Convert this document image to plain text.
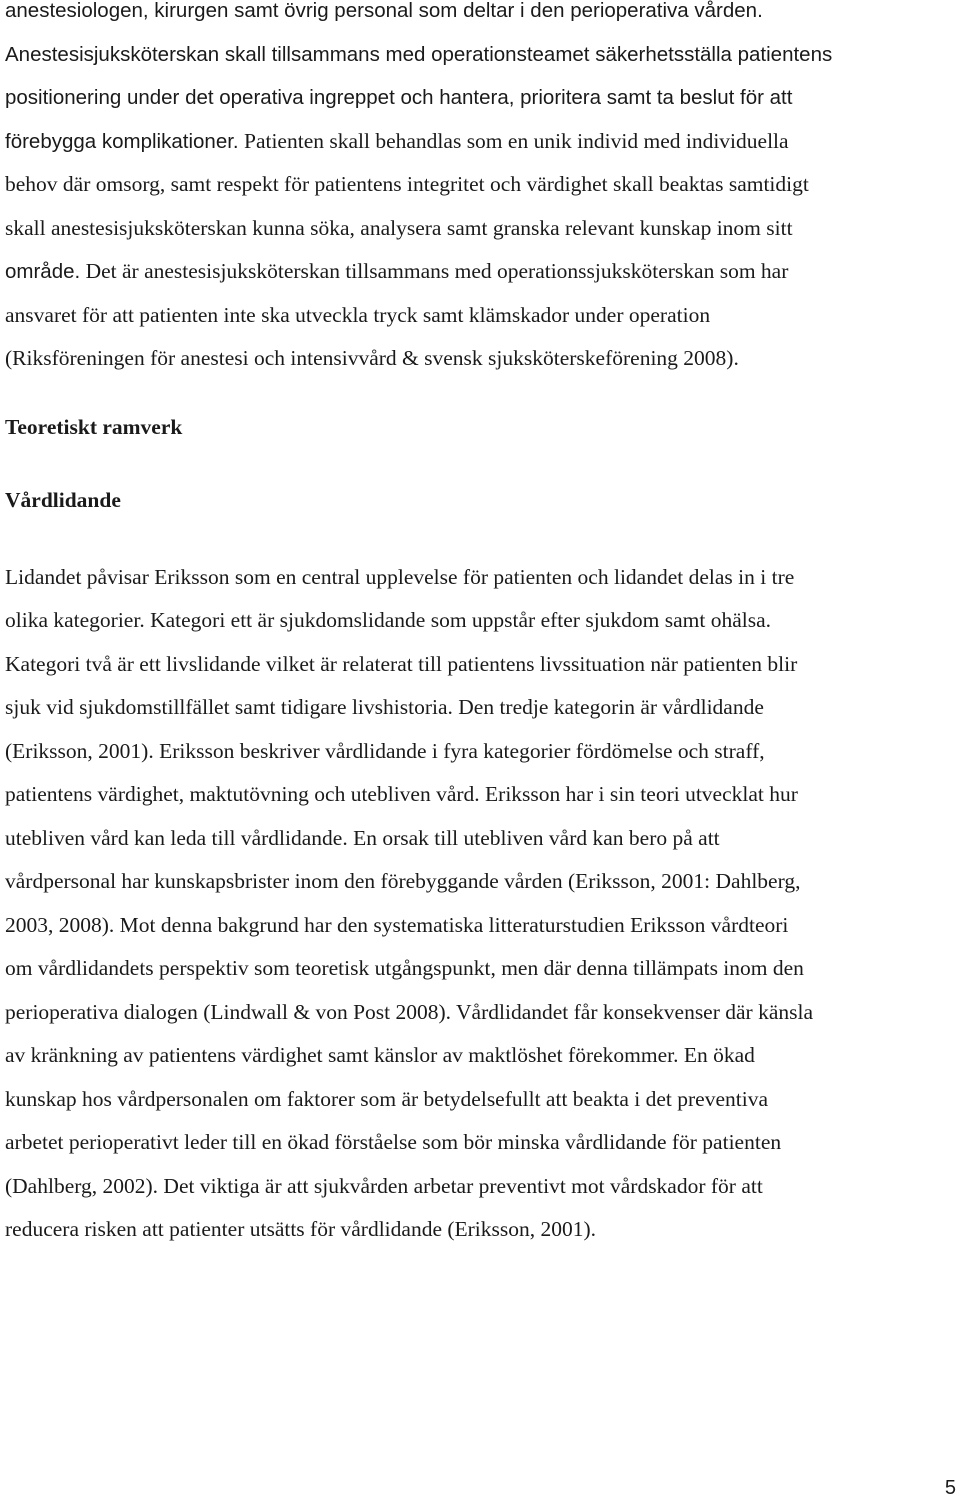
anestesiologen, kirurgen samt övrig personal som deltar i den perioperativa vården.

Anestesisjuksköterskan skall tillsammans med operationsteamet säkerhetsställa patientens

positionering under det operativa ingreppet och hantera, prioritera samt ta beslut för att

förebygga komplikationer. Patienten skall behandlas som en unik individ med individuella

behov där omsorg, samt respekt för patientens integritet och värdighet skall beaktas samtidigt

skall anestesisjuksköterskan kunna söka, analysera samt granska relevant kunskap inom sitt

område. Det är anestesisjuksköterskan tillsammans med operationssjuksköterskan som har

ansvaret för att patienten inte ska utveckla tryck samt klämskador under operation

(Riksföreningen för anestesi och intensivvård & svensk sjuksköterskeförening 2008).

Teoretiskt ramverk
Vårdlidande

Lidandet påvisar Eriksson som en central upplevelse för patienten och lidandet delas in i tre

olika kategorier. Kategori ett är sjukdomslidande som uppstår efter sjukdom samt ohälsa.

Kategori två är ett livslidande vilket är relaterat till patientens livssituation när patienten blir

sjuk vid sjukdomstillfället samt tidigare livshistoria. Den tredje kategorin är vårdlidande

(Eriksson, 2001). Eriksson beskriver vårdlidande i fyra kategorier fördömelse och straff,

patientens värdighet, maktutövning och utebliven vård. Eriksson har i sin teori utvecklat hur

utebliven vård kan leda till vårdlidande. En orsak till utebliven vård kan bero på att

vårdpersonal har kunskapsbrister inom den förebyggande vården (Eriksson, 2001: Dahlberg,

2003, 2008). Mot denna bakgrund har den systematiska litteraturstudien Eriksson vårdteori

om vårdlidandets perspektiv som teoretisk utgångspunkt, men där denna tillämpats inom den

perioperativa dialogen (Lindwall & von Post 2008). Vårdlidandet får konsekvenser där känsla

av kränkning av patientens värdighet samt känslor av maktlöshet förekommer. En ökad

kunskap hos vårdpersonalen om faktorer som är betydelsefullt att beakta i det preventiva

arbetet perioperativt leder till en ökad förståelse som bör minska vårdlidande för patienten

(Dahlberg, 2002). Det viktiga är att sjukvården arbetar preventivt mot vårdskador för att

reducera risken att patienter utsätts för vårdlidande (Eriksson, 2001).

5
